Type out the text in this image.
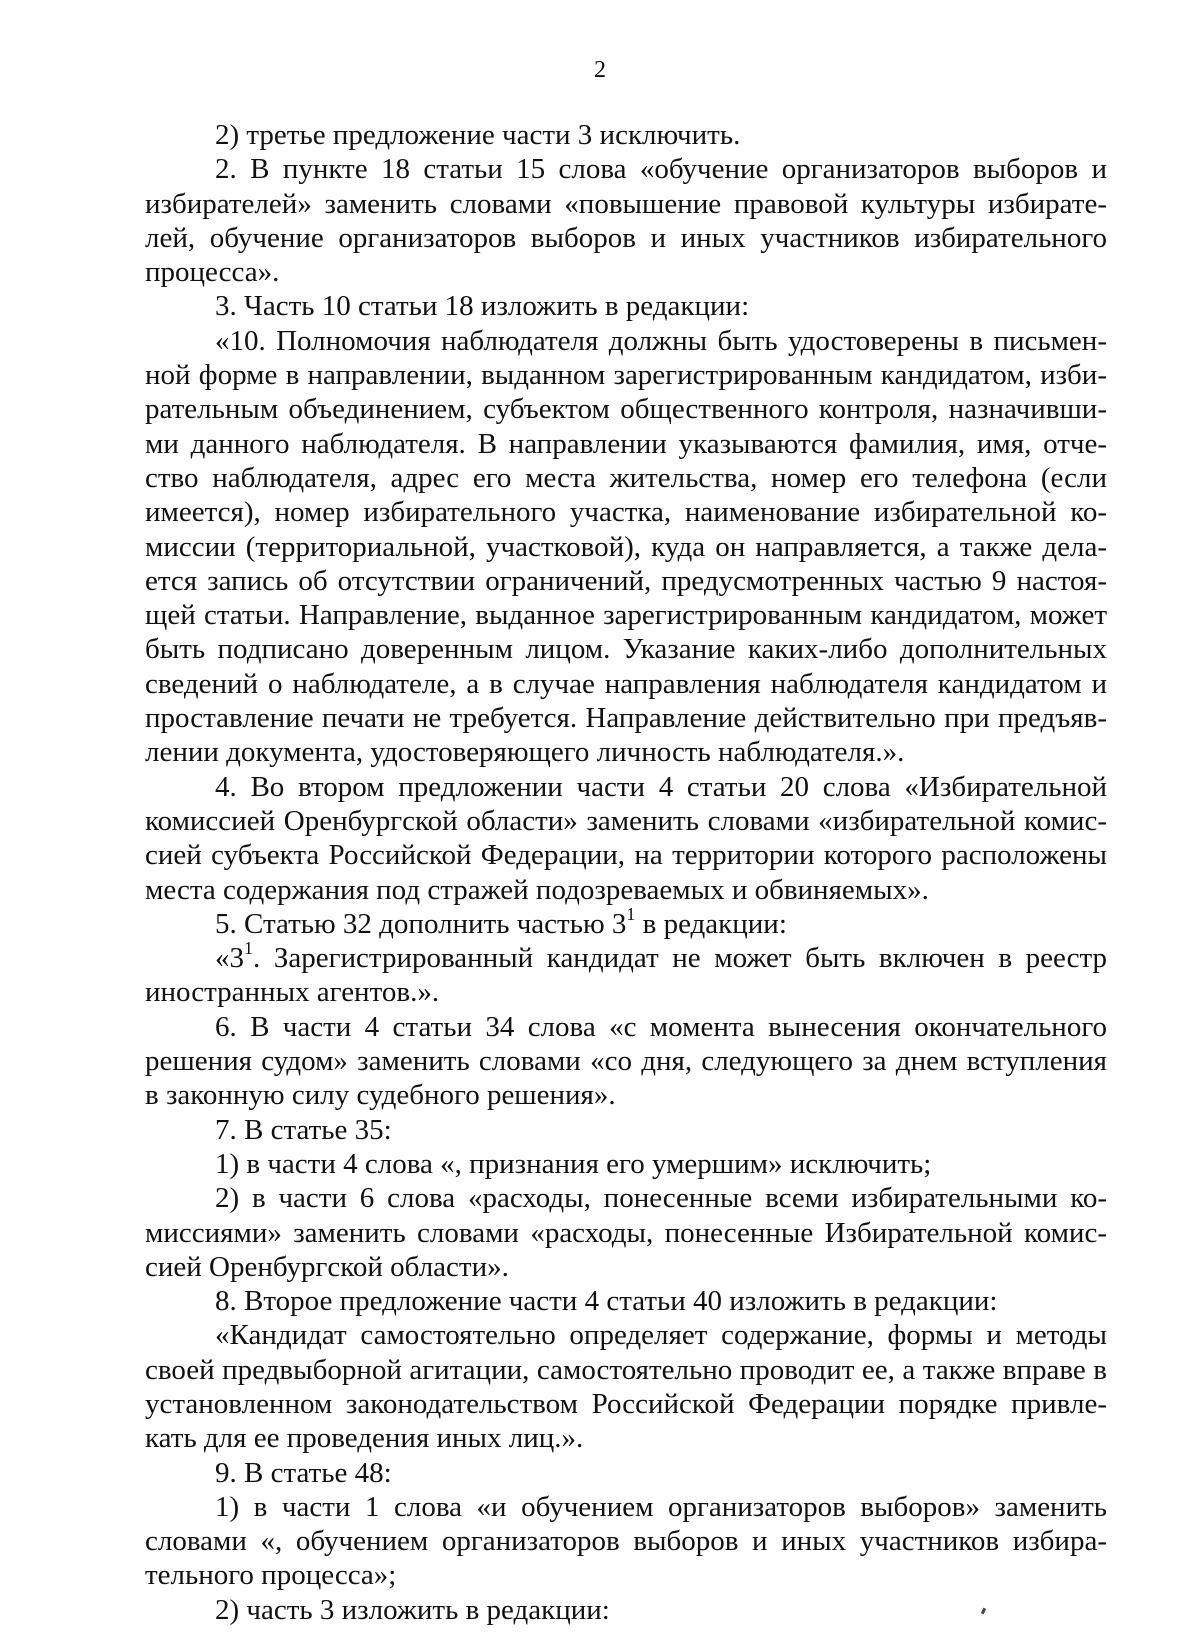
2

2) третье предложение части 3 исключить.

2. В пункте 18 статьи 15 слова «обучение организаторов выборов и избирателей» заменить словами «повышение правовой культуры избирателей, обучение организаторов выборов и иных участников избирательного процесса».

3. Часть 10 статьи 18 изложить в редакции:

«10. Полномочия наблюдателя должны быть удостоверены в письменной форме в направлении, выданном зарегистрированным кандидатом, избирательным объединением, субъектом общественного контроля, назначившими данного наблюдателя. В направлении указываются фамилия, имя, отчество наблюдателя, адрес его места жительства, номер его телефона (если имеется), номер избирательного участка, наименование избирательной комиссии (территориальной, участковой), куда он направляется, а также делается запись об отсутствии ограничений, предусмотренных частью 9 настоящей статьи. Направление, выданное зарегистрированным кандидатом, может быть подписано доверенным лицом. Указание каких-либо дополнительных сведений о наблюдателе, а в случае направления наблюдателя кандидатом и проставление печати не требуется. Направление действительно при предъявлении документа, удостоверяющего личность наблюдателя.».

4. Во втором предложении части 4 статьи 20 слова «Избирательной комиссией Оренбургской области» заменить словами «избирательной комиссией субъекта Российской Федерации, на территории которого расположены места содержания под стражей подозреваемых и обвиняемых».

5. Статью 32 дополнить частью $3^1$ в редакции:

«$3^1$. Зарегистрированный кандидат не может быть включен в реестр иностранных агентов.».

6. В части 4 статьи 34 слова «с момента вынесения окончательного решения судом» заменить словами «со дня, следующего за днем вступления в законную силу судебного решения».

7. В статье 35:

1) в части 4 слова «, признания его умершим» исключить;

2) в части 6 слова «расходы, понесенные всеми избирательными комиссиями» заменить словами «расходы, понесенные Избирательной комиссией Оренбургской области».

8. Второе предложение части 4 статьи 40 изложить в редакции:

«Кандидат самостоятельно определяет содержание, формы и методы своей предвыборной агитации, самостоятельно проводит ее, а также вправе в установленном законодательством Российской Федерации порядке привлекать для ее проведения иных лиц.».

9. В статье 48:

1) в части 1 слова «и обучением организаторов выборов» заменить словами «, обучением организаторов выборов и иных участников избирательного процесса»;

2) часть 3 изложить в редакции:
